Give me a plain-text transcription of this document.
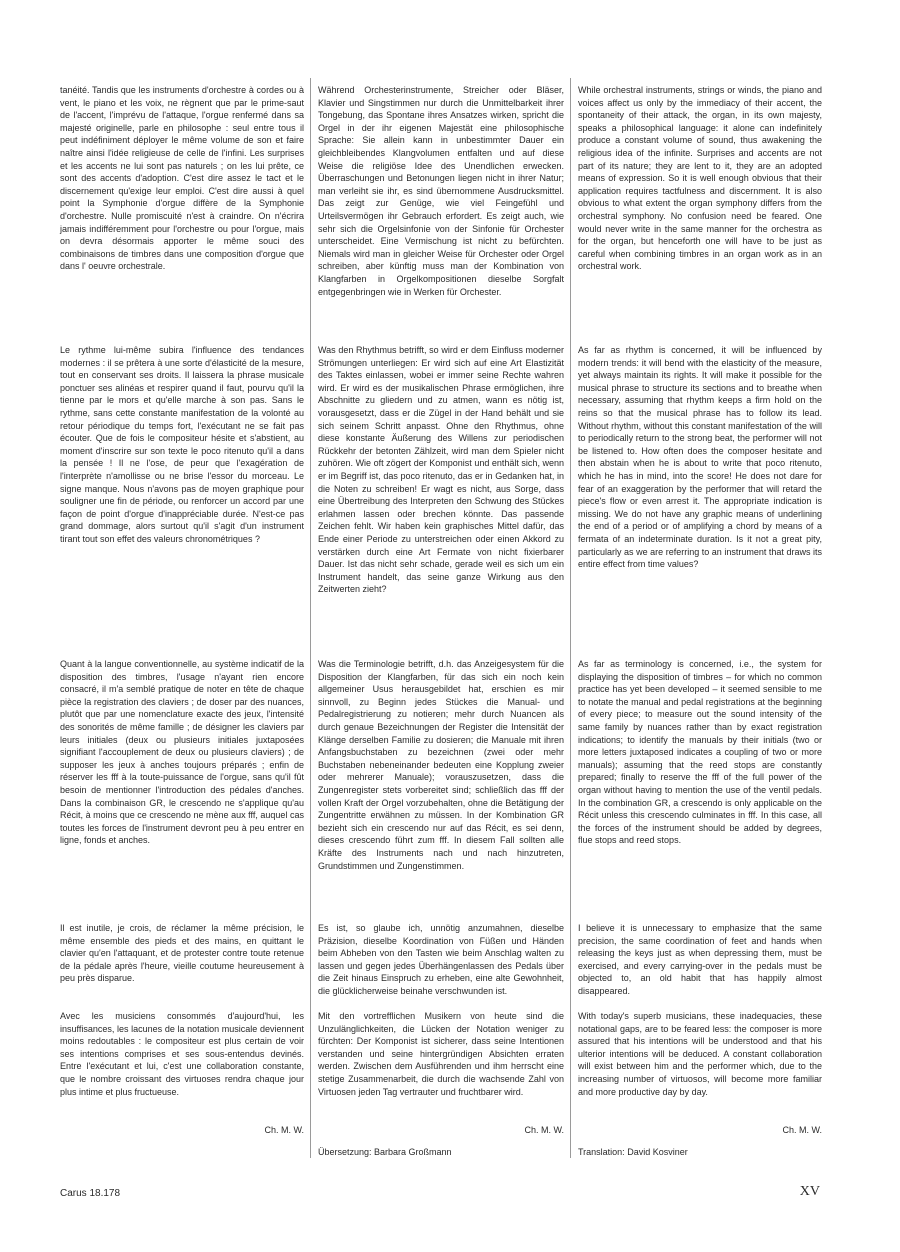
tanéité. Tandis que les instruments d'orchestre à cordes ou à vent, le piano et les voix, ne règnent que par le prime-saut de l'accent, l'imprévu de l'attaque, l'orgue renfermé dans sa majesté originelle, parle en philosophe : seul entre tous il peut indéfiniment déployer le même volume de son et faire naître ainsi l'idée religieuse de celle de l'infini. Les surprises et les accents ne lui sont pas naturels ; on les lui prête, ce sont des accents d'adoption. C'est dire assez le tact et le discernement qu'exige leur emploi. C'est dire aussi à quel point la Symphonie d'orgue diffère de la Symphonie d'orchestre. Nulle promiscuité n'est à craindre. On n'écrira jamais indifféremment pour l'orchestre ou pour l'orgue, mais on devra désormais apporter le même souci des combinaisons de timbres dans une composition d'orgue que dans l' oeuvre orchestrale.

Le rythme lui-même subira l'influence des tendances modernes : il se prêtera à une sorte d'élasticité de la mesure, tout en conservant ses droits. Il laissera la phrase musicale ponctuer ses alinéas et respirer quand il faut, pourvu qu'il la tienne par le mors et qu'elle marche à son pas. Sans le rythme, sans cette constante manifestation de la volonté au retour périodique du temps fort, l'exécutant ne se fait pas écouter. Que de fois le compositeur hésite et s'abstient, au moment d'inscrire sur son texte le poco ritenuto qu'il a dans la pensée ! Il ne l'ose, de peur que l'exagération de l'interprète n'amollisse ou ne brise l'essor du morceau. Le signe manque. Nous n'avons pas de moyen graphique pour souligner une fin de période, ou renforcer un accord par une façon de point d'orgue d'inappréciable durée. N'est-ce pas grand dommage, alors surtout qu'il s'agit d'un instrument tirant tout son effet des valeurs chronométriques ?

Quant à la langue conventionnelle, au système indicatif de la disposition des timbres, l'usage n'ayant rien encore consacré, il m'a semblé pratique de noter en tête de chaque pièce la registration des claviers ; de doser par des nuances, plutôt que par une nomenclature exacte des jeux, l'intensité des sonorités de même famille ; de désigner les claviers par leurs initiales (deux ou plusieurs initiales juxtaposées signifiant l'accouplement de deux ou plusieurs claviers) ; de supposer les jeux à anches toujours préparés ; enfin de réserver les fff à la toute-puissance de l'orgue, sans qu'il fût besoin de mentionner l'introduction des pédales d'anches. Dans la combinaison GR, le crescendo ne s'applique qu'au Récit, à moins que ce crescendo ne mène aux fff, auquel cas toutes les forces de l'instrument devront peu à peu entrer en ligne, fonds et anches.

Il est inutile, je crois, de réclamer la même précision, le même ensemble des pieds et des mains, en quittant le clavier qu'en l'attaquant, et de protester contre toute retenue de la pédale après l'heure, vieille coutume heureusement à peu près disparue.

Avec les musiciens consommés d'aujourd'hui, les insuffisances, les lacunes de la notation musicale deviennent moins redoutables : le compositeur est plus certain de voir ses intentions comprises et ses sous-entendus devinés. Entre l'exécutant et lui, c'est une collaboration constante, que le nombre croissant des virtuoses rendra chaque jour plus intime et plus fructueuse.

Ch. M. W.

Während Orchesterinstrumente, Streicher oder Bläser, Klavier und Singstimmen nur durch die Unmittelbarkeit ihrer Tongebung, das Spontane ihres Ansatzes wirken, spricht die Orgel in der ihr eigenen Majestät eine philosophische Sprache: Sie allein kann in unbestimmter Dauer ein gleichbleibendes Klangvolumen entfalten und auf diese Weise die religiöse Idee des Unendlichen erwecken. Überraschungen und Betonungen liegen nicht in ihrer Natur; man verleiht sie ihr, es sind übernommene Ausdrucksmittel. Das zeigt zur Genüge, wie viel Feingefühl und Urteilsvermögen ihr Gebrauch erfordert. Es zeigt auch, wie sehr sich die Orgelsinfonie von der Sinfonie für Orchester unterscheidet. Eine Vermischung ist nicht zu befürchten. Niemals wird man in gleicher Weise für Orchester oder Orgel schreiben, aber künftig muss man der Kombination von Klangfarben in Orgelkompositionen dieselbe Sorgfalt entgegenbringen wie in Werken für Orchester.

Was den Rhythmus betrifft, so wird er dem Einfluss moderner Strömungen unterliegen: Er wird sich auf eine Art Elastizität des Taktes einlassen, wobei er immer seine Rechte wahren wird. Er wird es der musikalischen Phrase ermöglichen, ihre Abschnitte zu gliedern und zu atmen, wann es nötig ist, vorausgesetzt, dass er die Zügel in der Hand behält und sie sich seinem Schritt anpasst. Ohne den Rhythmus, ohne diese konstante Äußerung des Willens zur periodischen Rückkehr der betonten Zählzeit, wird man dem Spieler nicht zuhören. Wie oft zögert der Komponist und enthält sich, wenn er im Begriff ist, das poco ritenuto, das er in Gedanken hat, in die Noten zu schreiben! Er wagt es nicht, aus Sorge, dass eine Übertreibung des Interpreten den Schwung des Stückes erlahmen lassen oder brechen könnte. Das passende Zeichen fehlt. Wir haben kein graphisches Mittel dafür, das Ende einer Periode zu unterstreichen oder einen Akkord zu verstärken durch eine Art Fermate von nicht fixierbarer Dauer. Ist das nicht sehr schade, gerade weil es sich um ein Instrument handelt, das seine ganze Wirkung aus den Zeitwerten zieht?

Was die Terminologie betrifft, d.h. das Anzeigesystem für die Disposition der Klangfarben, für das sich ein noch kein allgemeiner Usus herausgebildet hat, erschien es mir sinnvoll, zu Beginn jedes Stückes die Manual- und Pedalregistrierung zu notieren; mehr durch Nuancen als durch genaue Bezeichnungen der Register die Intensität der Klänge derselben Familie zu dosieren; die Manuale mit ihren Anfangsbuchstaben zu bezeichnen (zwei oder mehr Buchstaben nebeneinander bedeuten eine Kopplung zweier oder mehrerer Manuale); vorauszusetzen, dass die Zungenregister stets vorbereitet sind; schließlich das fff der vollen Kraft der Orgel vorzubehalten, ohne die Betätigung der Zungentritte erwähnen zu müssen. In der Kombination GR bezieht sich ein crescendo nur auf das Récit, es sei denn, dieses crescendo führt zum fff. In diesem Fall sollten alle Kräfte des Instruments nach und nach hinzutreten, Grundstimmen und Zungenstimmen.

Es ist, so glaube ich, unnötig anzumahnen, dieselbe Präzision, dieselbe Koordination von Füßen und Händen beim Abheben von den Tasten wie beim Anschlag walten zu lassen und gegen jedes Überhängenlassen des Pedals über die Zeit hinaus Einspruch zu erheben, eine alte Gewohnheit, die glücklicherweise beinahe verschwunden ist.

Mit den vortrefflichen Musikern von heute sind die Unzulänglichkeiten, die Lücken der Notation weniger zu fürchten: Der Komponist ist sicherer, dass seine Intentionen verstanden und seine hintergründigen Absichten erraten werden. Zwischen dem Ausführenden und ihm herrscht eine stetige Zusammenarbeit, die durch die wachsende Zahl von Virtuosen jeden Tag vertrauter und fruchtbarer wird.

Ch. M. W.
Übersetzung: Barbara Großmann

While orchestral instruments, strings or winds, the piano and voices affect us only by the immediacy of their accent, the spontaneity of their attack, the organ, in its own majesty, speaks a philosophical language: it alone can indefinitely produce a constant volume of sound, thus awakening the religious idea of the infinite. Surprises and accents are not part of its nature; they are lent to it, they are an adopted means of expression. So it is well enough obvious that their application requires tactfulness and discernment. It is also obvious to what extent the organ symphony differs from the orchestral symphony. No confusion need be feared. One would never write in the same manner for the orchestra as for the organ, but henceforth one will have to be just as careful when combining timbres in an organ work as in an orchestral work.

As far as rhythm is concerned, it will be influenced by modern trends: it will bend with the elasticity of the measure, yet always maintain its rights. It will make it possible for the musical phrase to structure its sections and to breathe when necessary, assuming that rhythm keeps a firm hold on the reins so that the musical phrase has to follow its lead. Without rhythm, without this constant manifestation of the will to periodically return to the strong beat, the performer will not be listened to. How often does the composer hesitate and then abstain when he is about to write that poco ritenuto, which he has in mind, into the score! He does not dare for fear of an exaggeration by the performer that will retard the piece's flow or even arrest it. The appropriate indication is missing. We do not have any graphic means of underlining the end of a period or of amplifying a chord by means of a fermata of an indeterminate duration. Is it not a great pity, particularly as we are referring to an instrument that draws its entire effect from time values?

As far as terminology is concerned, i.e., the system for displaying the disposition of timbres – for which no common practice has yet been developed – it seemed sensible to me to notate the manual and pedal registrations at the beginning of every piece; to measure out the sound intensity of the same family by nuances rather than by exact registration indications; to identify the manuals by their initials (two or more letters juxtaposed indicates a coupling of two or more manuals); assuming that the reed stops are constantly prepared; finally to reserve the fff of the full power of the organ without having to mention the use of the ventil pedals. In the combination GR, a crescendo is only applicable on the Récit unless this crescendo culminates in fff. In this case, all the forces of the instrument should be added by degrees, flue stops and reed stops.

I believe it is unnecessary to emphasize that the same precision, the same coordination of feet and hands when releasing the keys just as when depressing them, must be exercised, and every carrying-over in the pedals must be objected to, an old habit that has happily almost disappeared.

With today's superb musicians, these inadequacies, these notational gaps, are to be feared less: the composer is more assured that his intentions will be understood and that his ulterior intentions will be deduced. A constant collaboration will exist between him and the performer which, due to the increasing number of virtuosos, will become more familiar and more productive day by day.

Ch. M. W.
Translation: David Kosviner
Carus 18.178	XV
